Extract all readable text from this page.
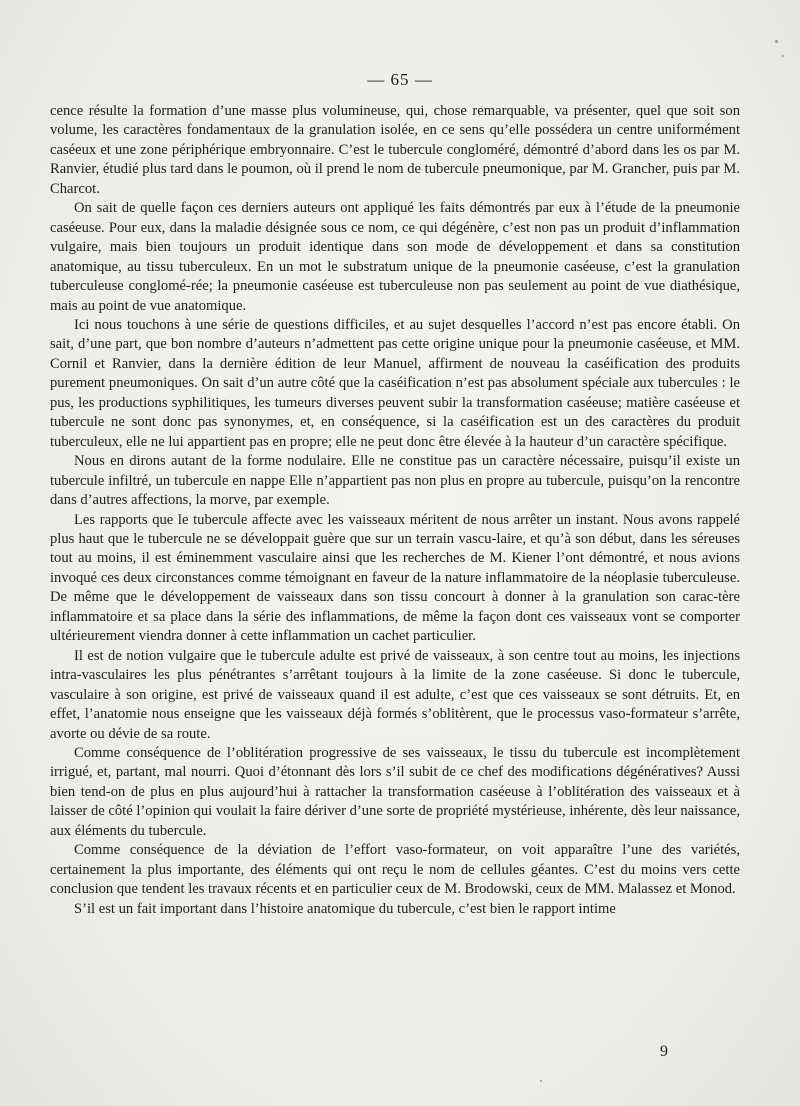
— 65 —

cence résulte la formation d’une masse plus volumineuse, qui, chose remarquable, va présenter, quel que soit son volume, les caractères fondamentaux de la granulation isolée, en ce sens qu’elle possédera un centre uniformément caséeux et une zone périphérique embryonnaire. C’est le tubercule congloméré, démontré d’abord dans les os par M. Ranvier, étudié plus tard dans le poumon, où il prend le nom de tubercule pneumonique, par M. Grancher, puis par M. Charcot.

On sait de quelle façon ces derniers auteurs ont appliqué les faits démontrés par eux à l’étude de la pneumonie caséeuse. Pour eux, dans la maladie désignée sous ce nom, ce qui dégénère, c’est non pas un produit d’inflammation vulgaire, mais bien toujours un produit identique dans son mode de développement et dans sa constitution anatomique, au tissu tuberculeux. En un mot le substratum unique de la pneumonie caséeuse, c’est la granulation tuberculeuse conglomé-rée; la pneumonie caséeuse est tuberculeuse non pas seulement au point de vue diathésique, mais au point de vue anatomique.

Ici nous touchons à une série de questions difficiles, et au sujet desquelles l’accord n’est pas encore établi. On sait, d’une part, que bon nombre d’auteurs n’admettent pas cette origine unique pour la pneumonie caséeuse, et MM. Cornil et Ranvier, dans la dernière édition de leur Manuel, affirment de nouveau la caséification des produits purement pneumoniques. On sait d’un autre côté que la caséification n’est pas absolument spéciale aux tubercules : le pus, les productions syphilitiques, les tumeurs diverses peuvent subir la transformation caséeuse; matière caséeuse et tubercule ne sont donc pas synonymes, et, en conséquence, si la caséification est un des caractères du produit tuberculeux, elle ne lui appartient pas en propre; elle ne peut donc être élevée à la hauteur d’un caractère spécifique.

Nous en dirons autant de la forme nodulaire. Elle ne constitue pas un caractère nécessaire, puisqu’il existe un tubercule infiltré, un tubercule en nappe Elle n’appartient pas non plus en propre au tubercule, puisqu’on la rencontre dans d’autres affections, la morve, par exemple.

Les rapports que le tubercule affecte avec les vaisseaux méritent de nous arrêter un instant. Nous avons rappelé plus haut que le tubercule ne se développait guère que sur un terrain vascu-laire, et qu’à son début, dans les séreuses tout au moins, il est éminemment vasculaire ainsi que les recherches de M. Kiener l’ont démontré, et nous avions invoqué ces deux circonstances comme témoignant en faveur de la nature inflammatoire de la néoplasie tuberculeuse. De même que le développement de vaisseaux dans son tissu concourt à donner à la granulation son carac-tère inflammatoire et sa place dans la série des inflammations, de même la façon dont ces vaisseaux vont se comporter ultérieurement viendra donner à cette inflammation un cachet particulier.

Il est de notion vulgaire que le tubercule adulte est privé de vaisseaux, à son centre tout au moins, les injections intra-vasculaires les plus pénétrantes s’arrêtant toujours à la limite de la zone caséeuse. Si donc le tubercule, vasculaire à son origine, est privé de vaisseaux quand il est adulte, c’est que ces vaisseaux se sont détruits. Et, en effet, l’anatomie nous enseigne que les vaisseaux déjà formés s’oblitèrent, que le processus vaso-formateur s’arrête, avorte ou dévie de sa route.

Comme conséquence de l’oblitération progressive de ses vaisseaux, le tissu du tubercule est incomplètement irrigué, et, partant, mal nourri. Quoi d’étonnant dès lors s’il subit de ce chef des modifications dégénératives? Aussi bien tend-on de plus en plus aujourd’hui à rattacher la transformation caséeuse à l’oblitération des vaisseaux et à laisser de côté l’opinion qui voulait la faire dériver d’une sorte de propriété mystérieuse, inhérente, dès leur naissance, aux éléments du tubercule.

Comme conséquence de la déviation de l’effort vaso-formateur, on voit apparaître l’une des variétés, certainement la plus importante, des éléments qui ont reçu le nom de cellules géantes. C’est du moins vers cette conclusion que tendent les travaux récents et en particulier ceux de M. Brodowski, ceux de MM. Malassez et Monod.

S’il est un fait important dans l’histoire anatomique du tubercule, c’est bien le rapport intime

9
